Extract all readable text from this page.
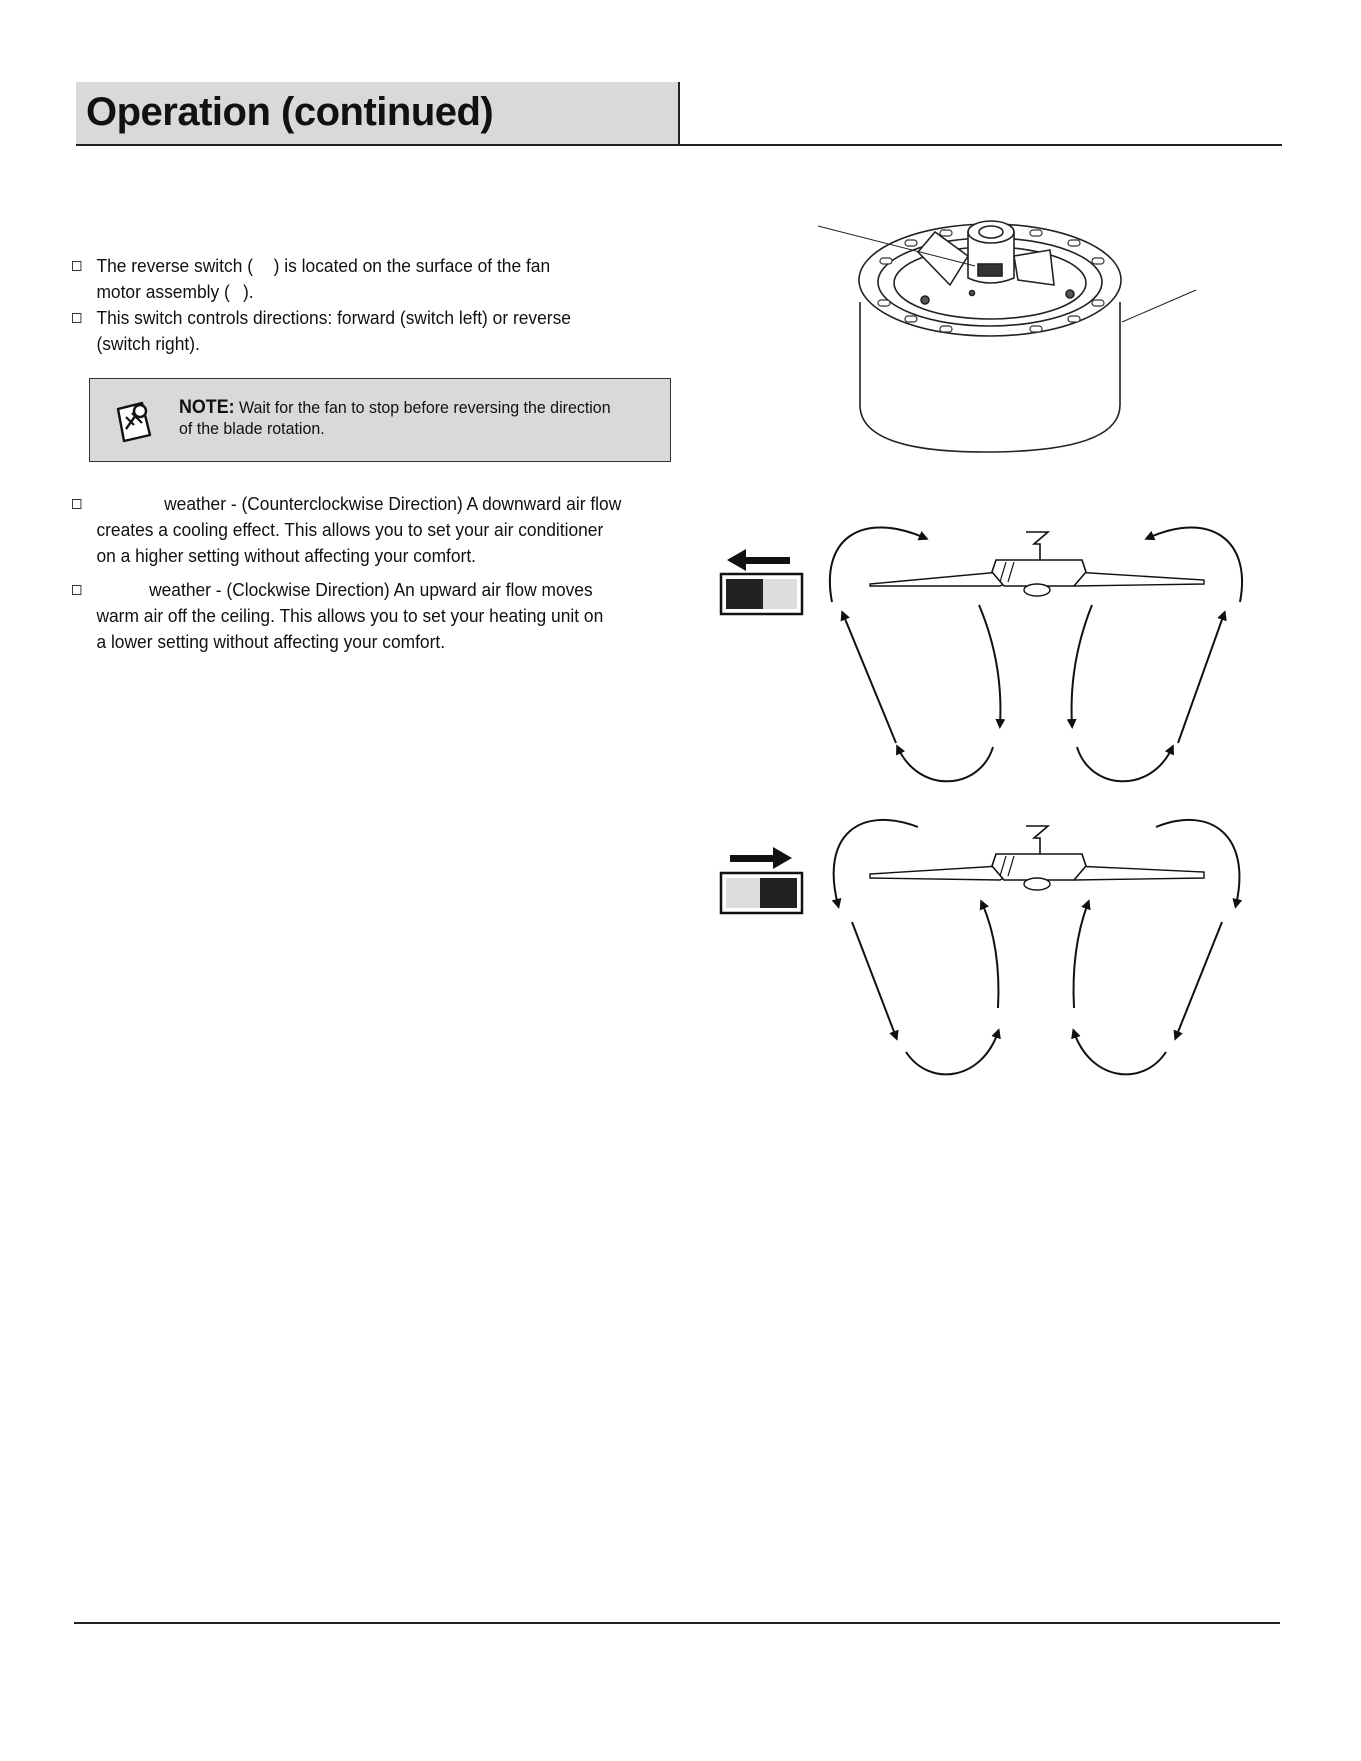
Operation (continued)
The reverse switch ( ) is located on the surface of the fan
motor assembly ( ).
This switch controls directions: forward (switch left) or reverse
(switch right).
NOTE: Wait for the fan to stop before reversing the direction
of the blade rotation.
weather - (Counterclockwise Direction) A downward air flow
creates a cooling effect. This allows you to set your air conditioner
on a higher setting without affecting your comfort.
weather - (Clockwise Direction) An upward air flow moves
warm air off the ceiling. This allows you to set your heating unit on
a lower setting without affecting your comfort.
